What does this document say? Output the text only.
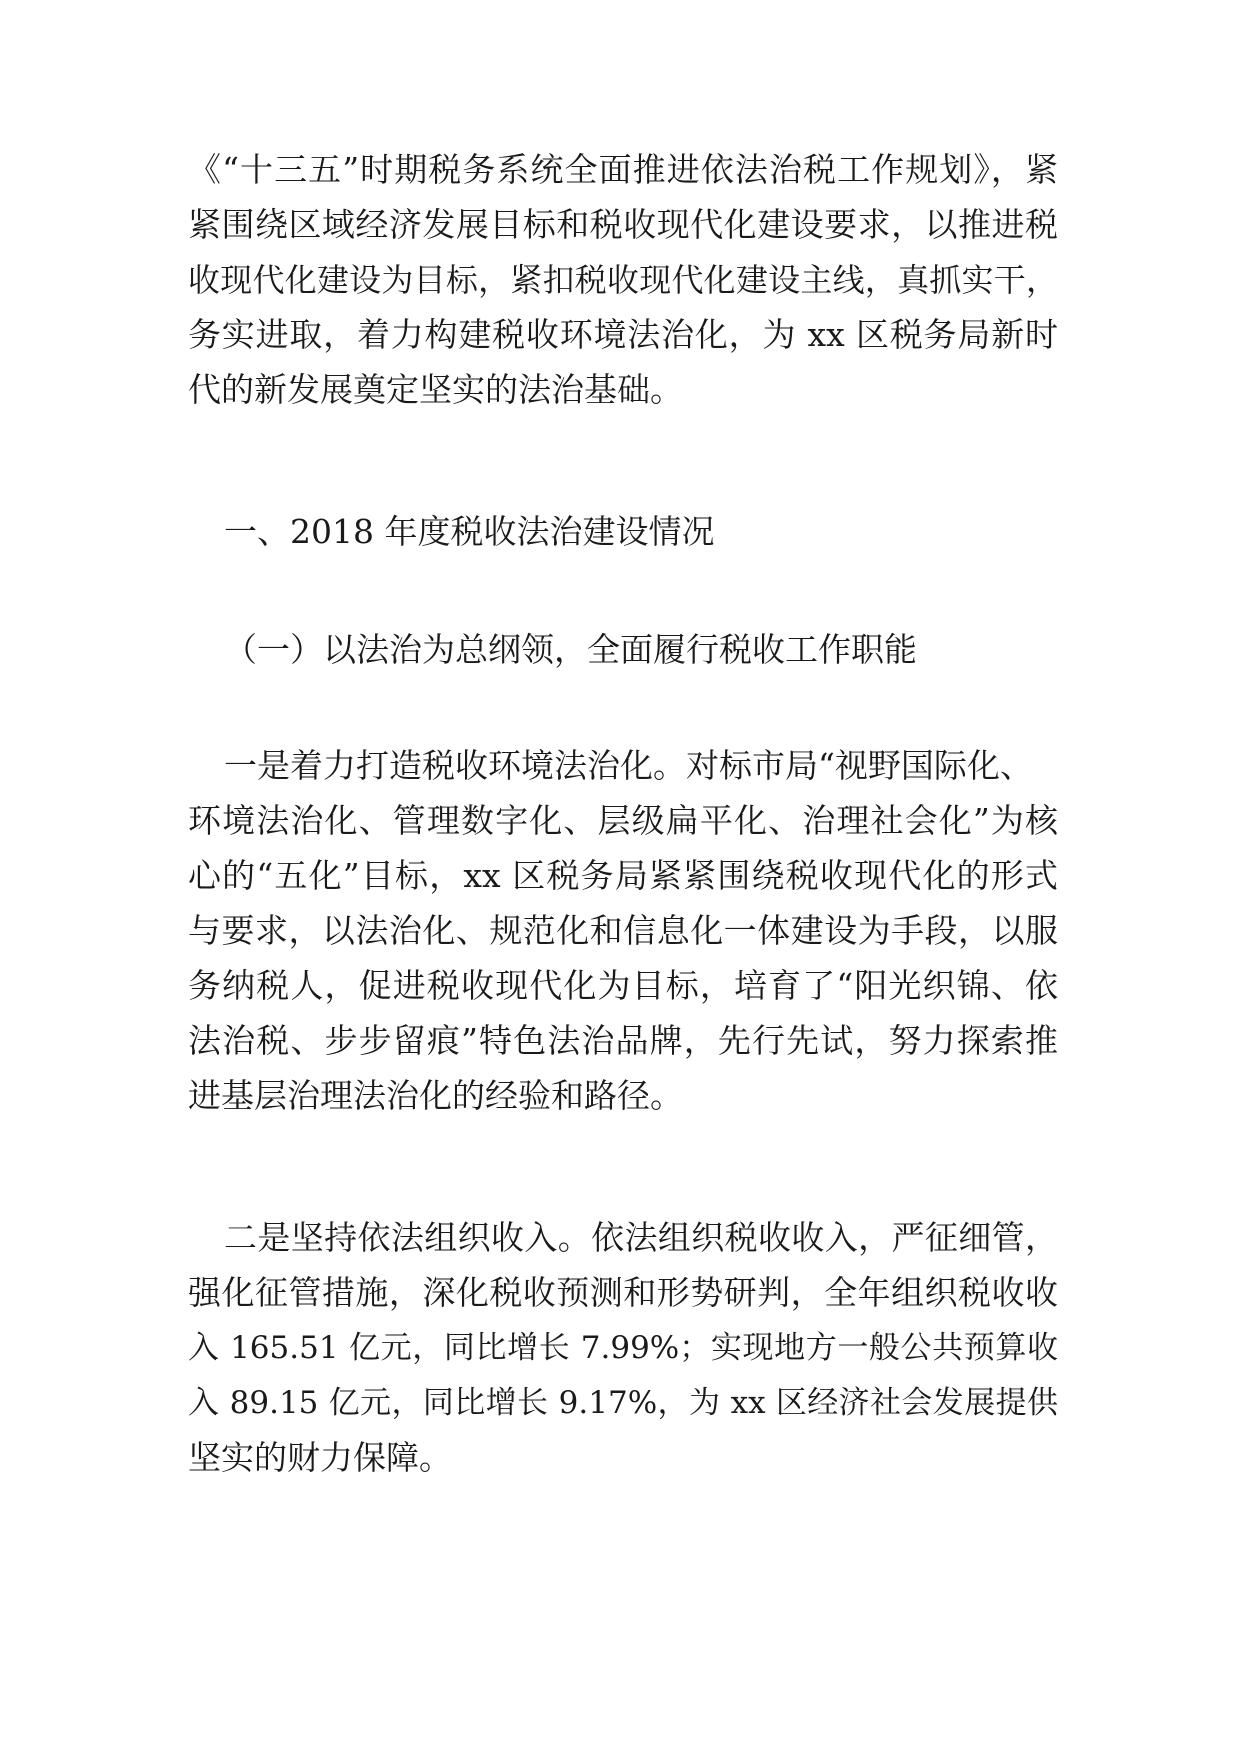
《“十三五”时期税务系统全面推进依法治税工作规划》，紧
紧围绕区域经济发展目标和税收现代化建设要求，以推进税
收现代化建设为目标，紧扣税收现代化建设主线，真抓实干，
务实进取，着力构建税收环境法治化，为 xx 区税务局新时
代的新发展奠定坚实的法治基础。
一、2018 年度税收法治建设情况
（一）以法治为总纲领，全面履行税收工作职能
一是着力打造税收环境法治化。对标市局“视野国际化、
环境法治化、管理数字化、层级扁平化、治理社会化”为核
心的“五化”目标，xx 区税务局紧紧围绕税收现代化的形式
与要求，以法治化、规范化和信息化一体建设为手段，以服
务纳税人，促进税收现代化为目标，培育了“阳光织锦、依
法治税、步步留痕”特色法治品牌，先行先试，努力探索推
进基层治理法治化的经验和路径。
二是坚持依法组织收入。依法组织税收收入，严征细管，
强化征管措施，深化税收预测和形势研判，全年组织税收收
入 165.51 亿元，同比增长 7.99%；实现地方一般公共预算收
入 89.15 亿元，同比增长 9.17%，为 xx 区经济社会发展提供
坚实的财力保障。
